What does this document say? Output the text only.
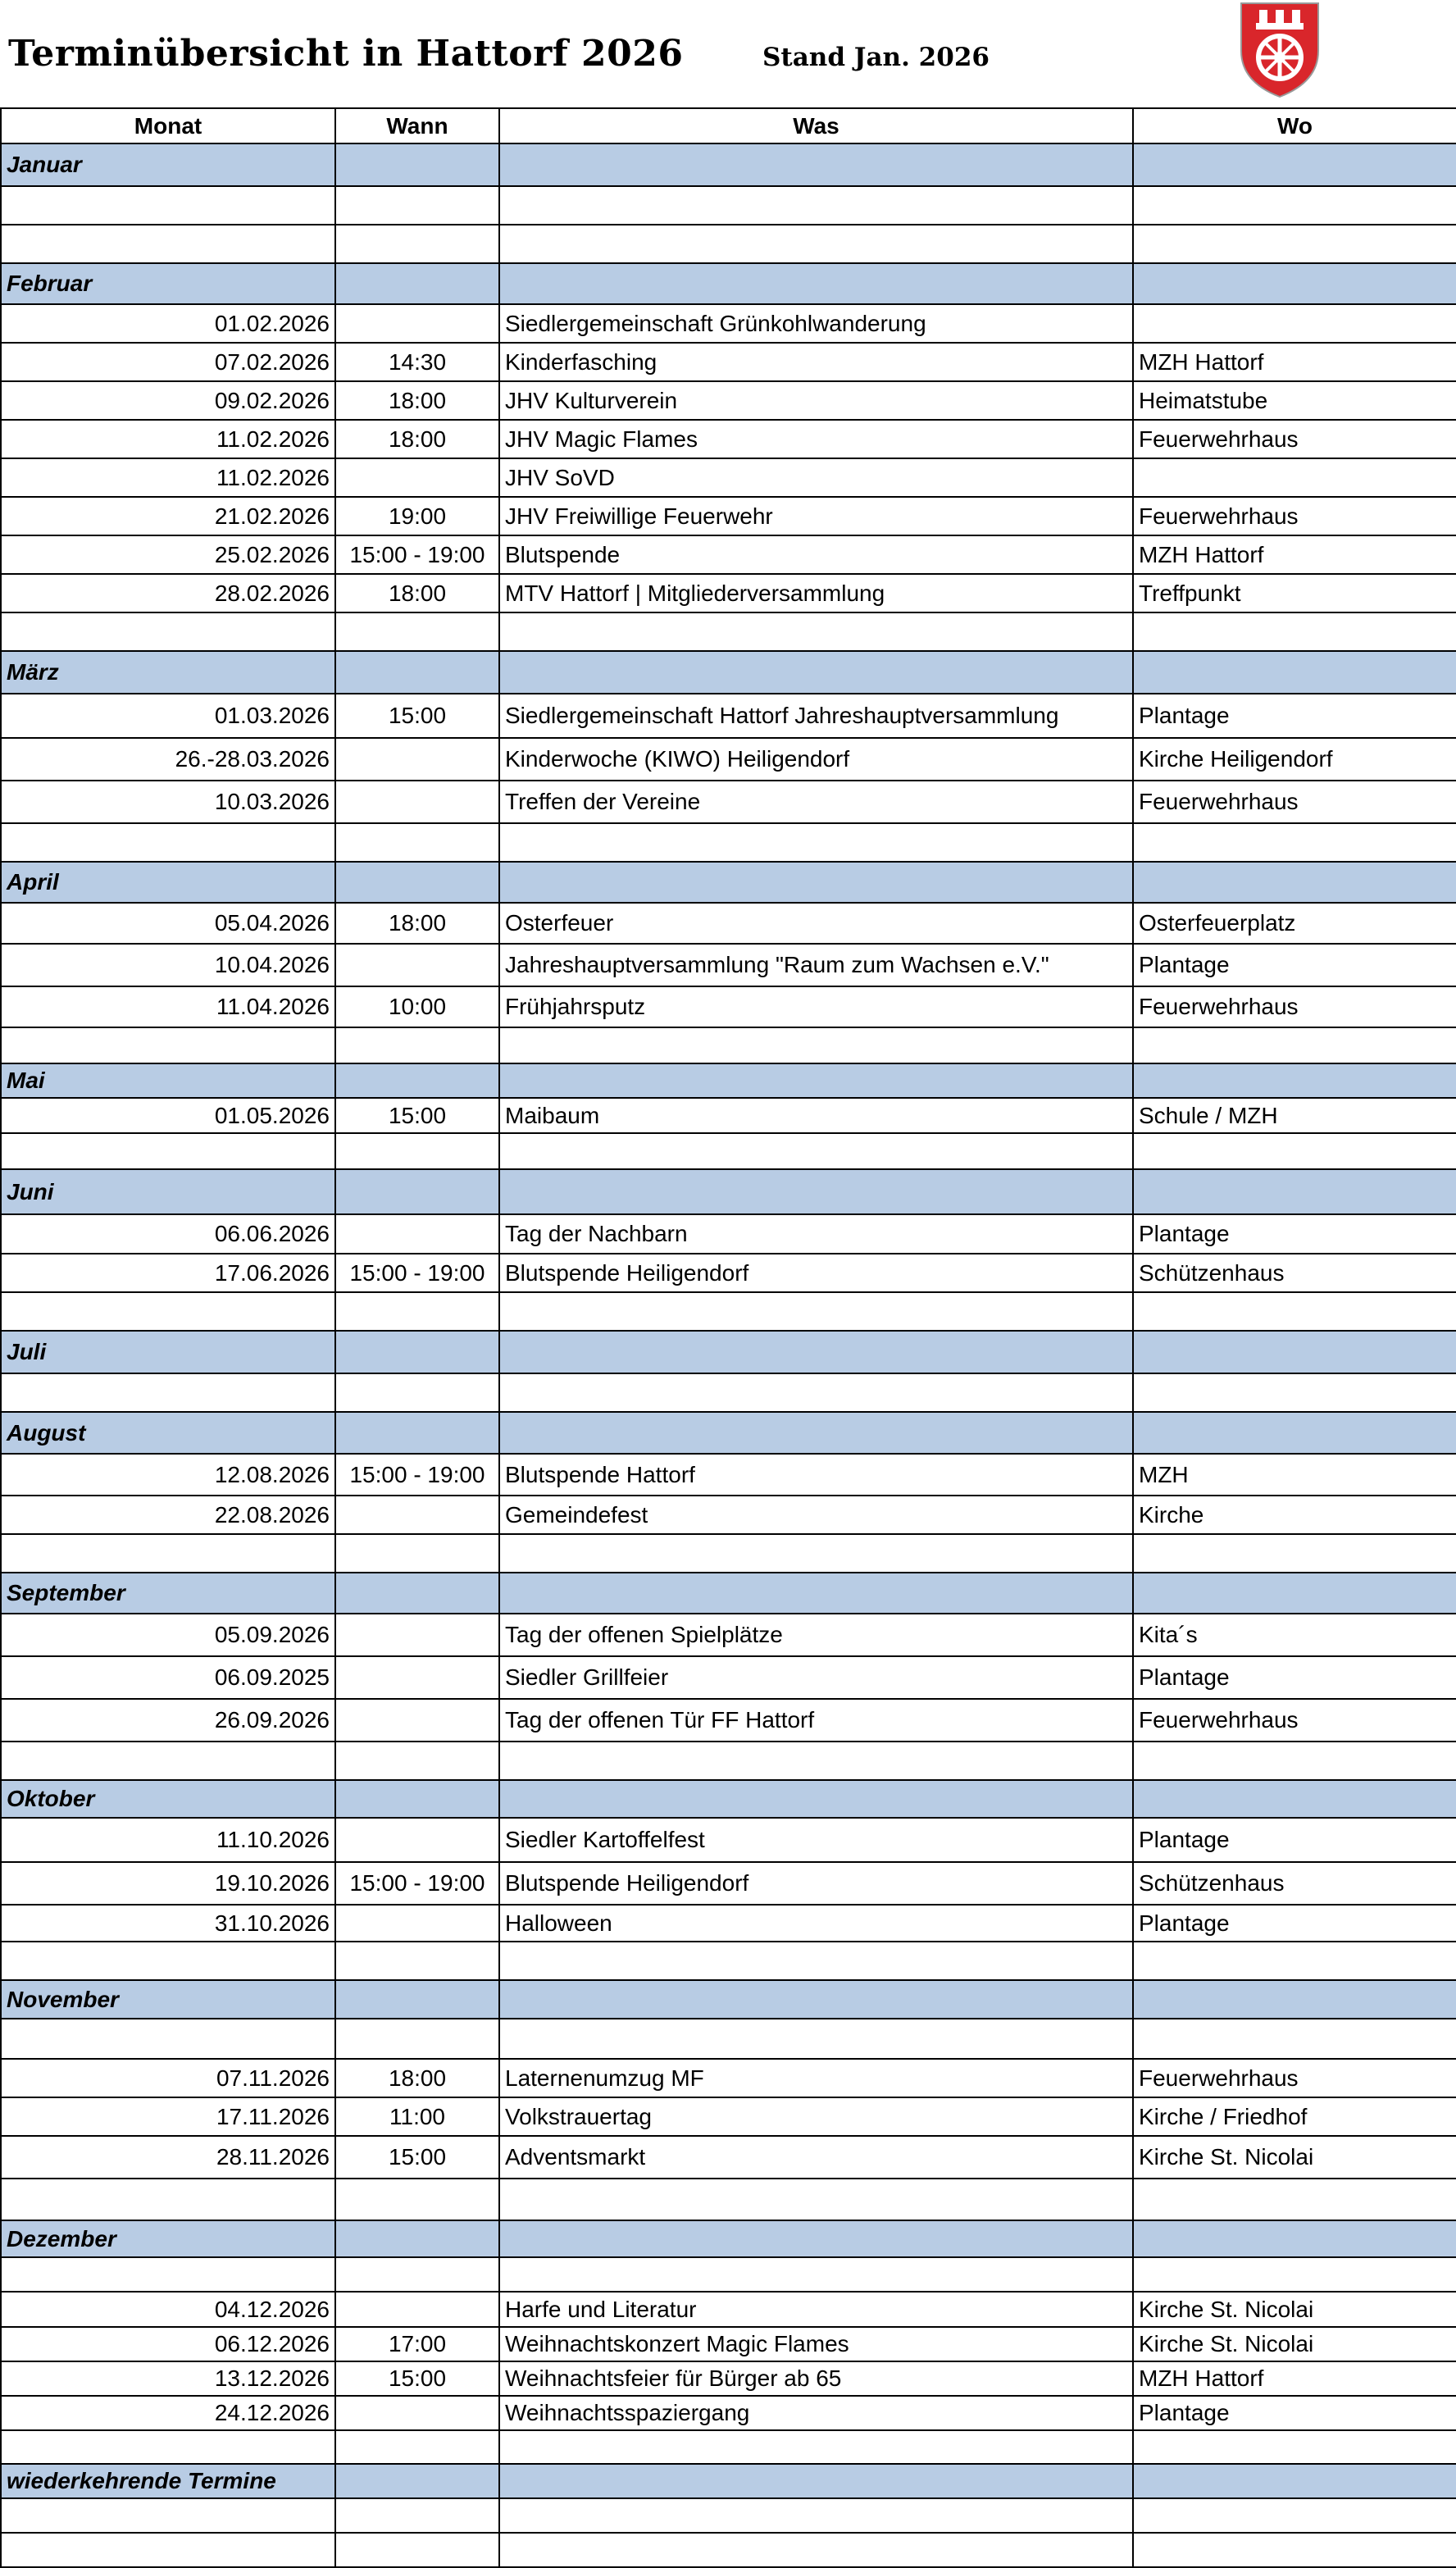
Terminübersicht in Hattorf 2026	Stand Jan. 2026
Monat	Wann	Was	Wo
Januar			

Februar			
01.02.2026		Siedlergemeinschaft Grünkohlwanderung	
07.02.2026	14:30	Kinderfasching	MZH Hattorf
09.02.2026	18:00	JHV Kulturverein	Heimatstube
11.02.2026	18:00	JHV Magic Flames	Feuerwehrhaus
11.02.2026		JHV SoVD	
21.02.2026	19:00	JHV Freiwillige Feuerwehr	Feuerwehrhaus
25.02.2026	15:00 - 19:00	Blutspende	MZH Hattorf
28.02.2026	18:00	MTV Hattorf | Mitgliederversammlung	Treffpunkt

März			
01.03.2026	15:00	Siedlergemeinschaft Hattorf Jahreshauptversammlung	Plantage
26.-28.03.2026		Kinderwoche (KIWO) Heiligendorf	Kirche Heiligendorf
10.03.2026		Treffen der Vereine	Feuerwehrhaus

April			
05.04.2026	18:00	Osterfeuer	Osterfeuerplatz
10.04.2026		Jahreshauptversammlung "Raum zum Wachsen e.V."	Plantage
11.04.2026	10:00	Frühjahrsputz	Feuerwehrhaus

Mai			
01.05.2026	15:00	Maibaum	Schule / MZH

Juni			
06.06.2026		Tag der Nachbarn	Plantage
17.06.2026	15:00 - 19:00	Blutspende Heiligendorf	Schützenhaus

Juli			

August			
12.08.2026	15:00 - 19:00	Blutspende Hattorf	MZH
22.08.2026		Gemeindefest	Kirche

September			
05.09.2026		Tag der offenen Spielplätze	Kita´s
06.09.2025		Siedler Grillfeier	Plantage
26.09.2026		Tag der offenen Tür FF Hattorf	Feuerwehrhaus

Oktober			
11.10.2026		Siedler Kartoffelfest	Plantage
19.10.2026	15:00 - 19:00	Blutspende Heiligendorf	Schützenhaus
31.10.2026		Halloween	Plantage

November			

07.11.2026	18:00	Laternenumzug MF	Feuerwehrhaus
17.11.2026	11:00	Volkstrauertag	Kirche / Friedhof
28.11.2026	15:00	Adventsmarkt	Kirche St. Nicolai

Dezember			

04.12.2026		Harfe und Literatur	Kirche St. Nicolai
06.12.2026	17:00	Weihnachtskonzert Magic Flames	Kirche St. Nicolai
13.12.2026	15:00	Weihnachtsfeier für Bürger ab 65	MZH Hattorf
24.12.2026		Weihnachtsspaziergang	Plantage

wiederkehrende Termine			
